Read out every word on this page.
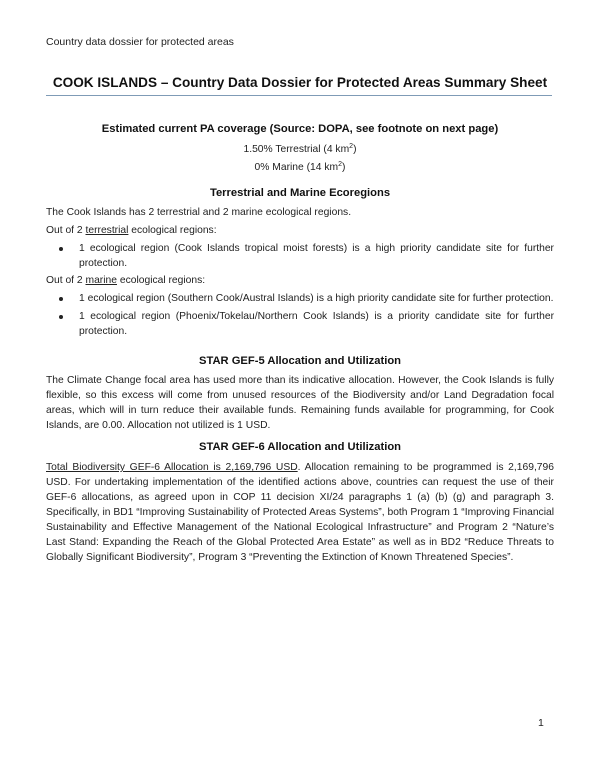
Country data dossier for protected areas
COOK ISLANDS – Country Data Dossier for Protected Areas Summary Sheet
Estimated current PA coverage (Source: DOPA, see footnote on next page)
1.50% Terrestrial (4 $km^2$)
0% Marine (14 $km^2$)
Terrestrial and Marine Ecoregions
The Cook Islands has 2 terrestrial and 2 marine ecological regions.
Out of 2 terrestrial ecological regions:
1 ecological region (Cook Islands tropical moist forests) is a high priority candidate site for further protection.
Out of 2 marine ecological regions:
1 ecological region (Southern Cook/Austral Islands) is a high priority candidate site for further protection.
1 ecological region (Phoenix/Tokelau/Northern Cook Islands) is a priority candidate site for further protection.
STAR GEF-5 Allocation and Utilization
The Climate Change focal area has used more than its indicative allocation. However, the Cook Islands is fully flexible, so this excess will come from unused resources of the Biodiversity and/or Land Degradation focal areas, which will in turn reduce their available funds. Remaining funds available for programming, for Cook Islands, are 0.00. Allocation not utilized is 1 USD.
STAR GEF-6 Allocation and Utilization
Total Biodiversity GEF-6 Allocation is 2,169,796 USD. Allocation remaining to be programmed is 2,169,796 USD. For undertaking implementation of the identified actions above, countries can request the use of their GEF-6 allocations, as agreed upon in COP 11 decision XI/24 paragraphs 1 (a) (b) (g) and paragraph 3. Specifically, in BD1 “Improving Sustainability of Protected Areas Systems”, both Program 1 “Improving Financial Sustainability and Effective Management of the National Ecological Infrastructure” and Program 2 “Nature’s Last Stand: Expanding the Reach of the Global Protected Area Estate” as well as in BD2 “Reduce Threats to Globally Significant Biodiversity”, Program 3 “Preventing the Extinction of Known Threatened Species”.
1
